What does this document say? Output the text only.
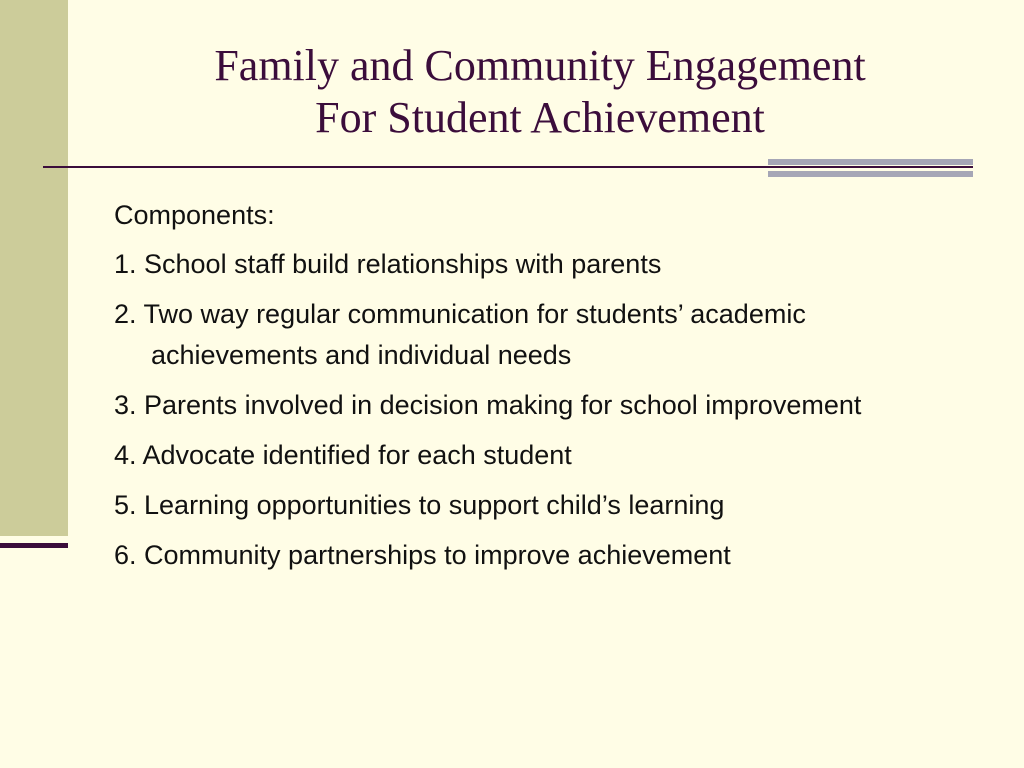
Family and Community Engagement
For Student Achievement
Components:
1. School staff build relationships with parents
2. Two way regular communication for students’ academic achievements and individual needs
3. Parents involved in decision making for school improvement
4. Advocate identified for each student
5. Learning opportunities to support child’s learning
6. Community partnerships to improve achievement
